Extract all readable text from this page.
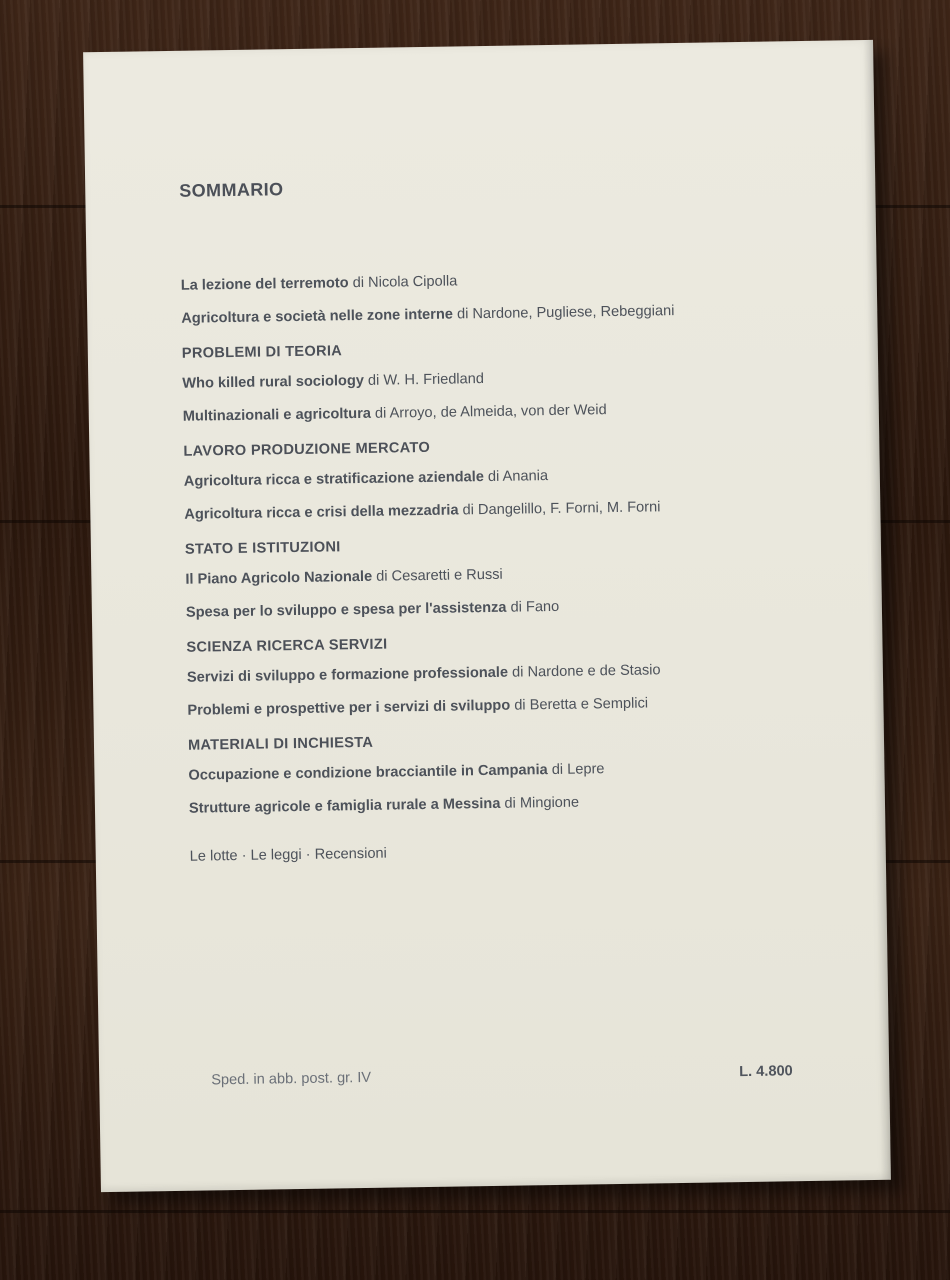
SOMMARIO

La lezione del terremoto di Nicola Cipolla

Agricoltura e società nelle zone interne di Nardone, Pugliese, Rebeggiani

PROBLEMI DI TEORIA

Who killed rural sociology di W. H. Friedland

Multinazionali e agricoltura di Arroyo, de Almeida, von der Weid

LAVORO PRODUZIONE MERCATO

Agricoltura ricca e stratificazione aziendale di Anania

Agricoltura ricca e crisi della mezzadria di Dangelillo, F. Forni, M. Forni

STATO E ISTITUZIONI

Il Piano Agricolo Nazionale di Cesaretti e Russi

Spesa per lo sviluppo e spesa per l'assistenza di Fano

SCIENZA RICERCA SERVIZI

Servizi di sviluppo e formazione professionale di Nardone e de Stasio

Problemi e prospettive per i servizi di sviluppo di Beretta e Semplici

MATERIALI DI INCHIESTA

Occupazione e condizione bracciantile in Campania di Lepre

Strutture agricole e famiglia rurale a Messina di Mingione

Le lotte · Le leggi · Recensioni
Sped. in abb. post. gr. IV	L. 4.800
